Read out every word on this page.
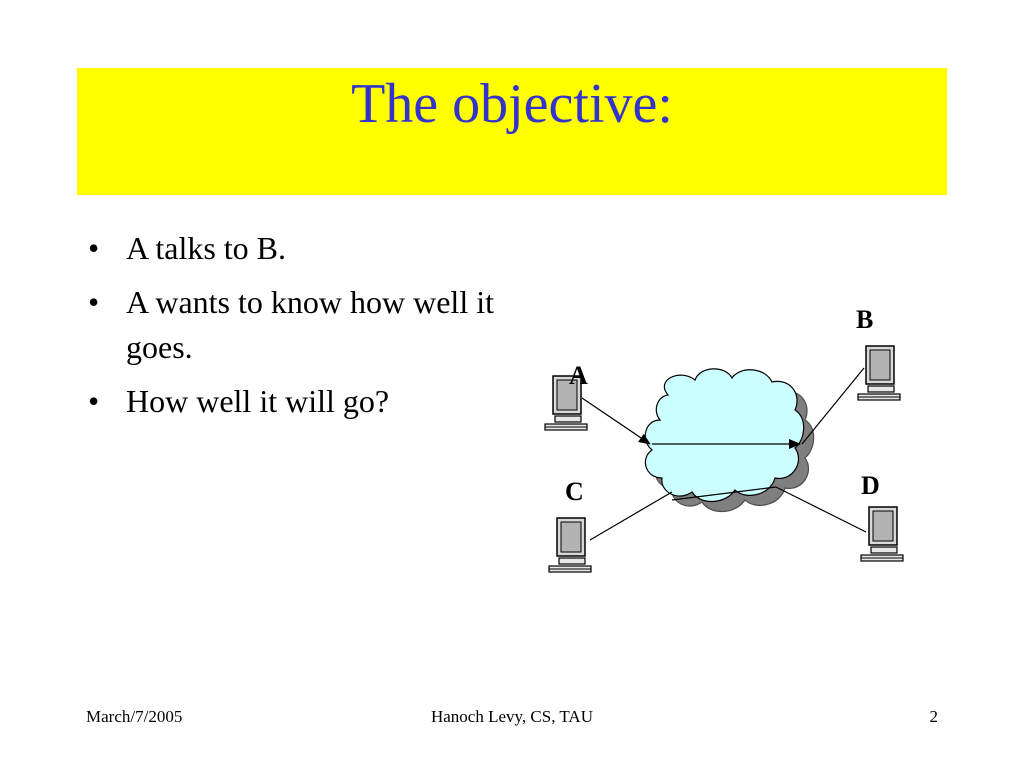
The objective:
• A talks to B.
• A wants to know how well it goes.
• How well it will go?
A
B
C	D
March/7/2005	Hanoch Levy, CS, TAU	2
